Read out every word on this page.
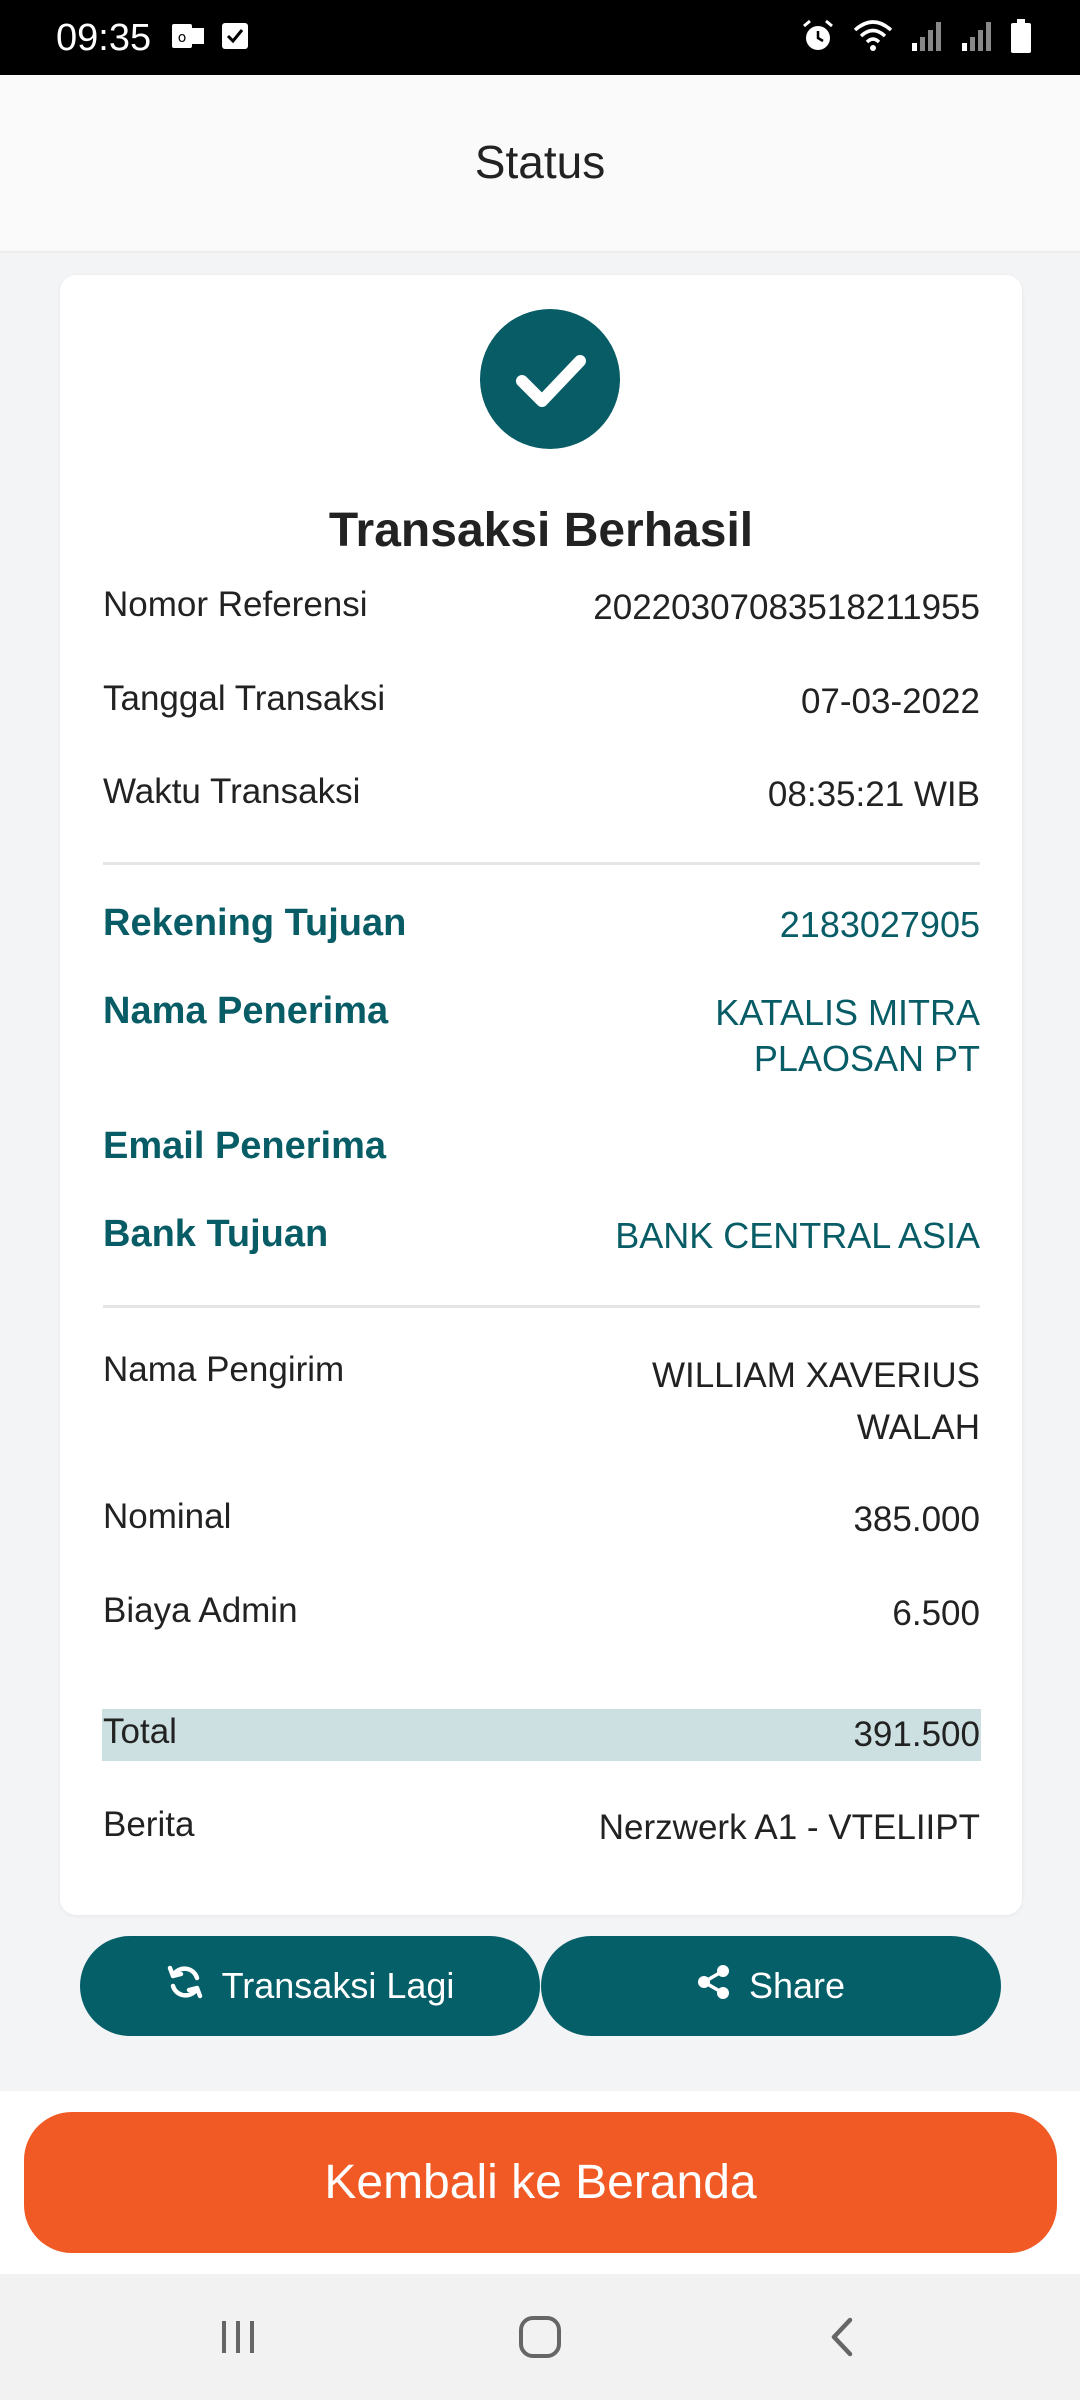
09:35 o
Status
Transaksi Berhasil
Nomor Referensi	20220307083518211955
Tanggal Transaksi	07-03-2022
Waktu Transaksi	08:35:21 WIB
Rekening Tujuan	2183027905
Nama Penerima	KATALIS MITRA
PLAOSAN PT
Email Penerima
Bank Tujuan	BANK CENTRAL ASIA
Nama Pengirim	WILLIAM XAVERIUS
WALAH
Nominal	385.000
Biaya Admin	6.500
Total	391.500
Berita	Nerzwerk A1 - VTELIIPT
Transaksi Lagi	Share
Kembali ke Beranda
